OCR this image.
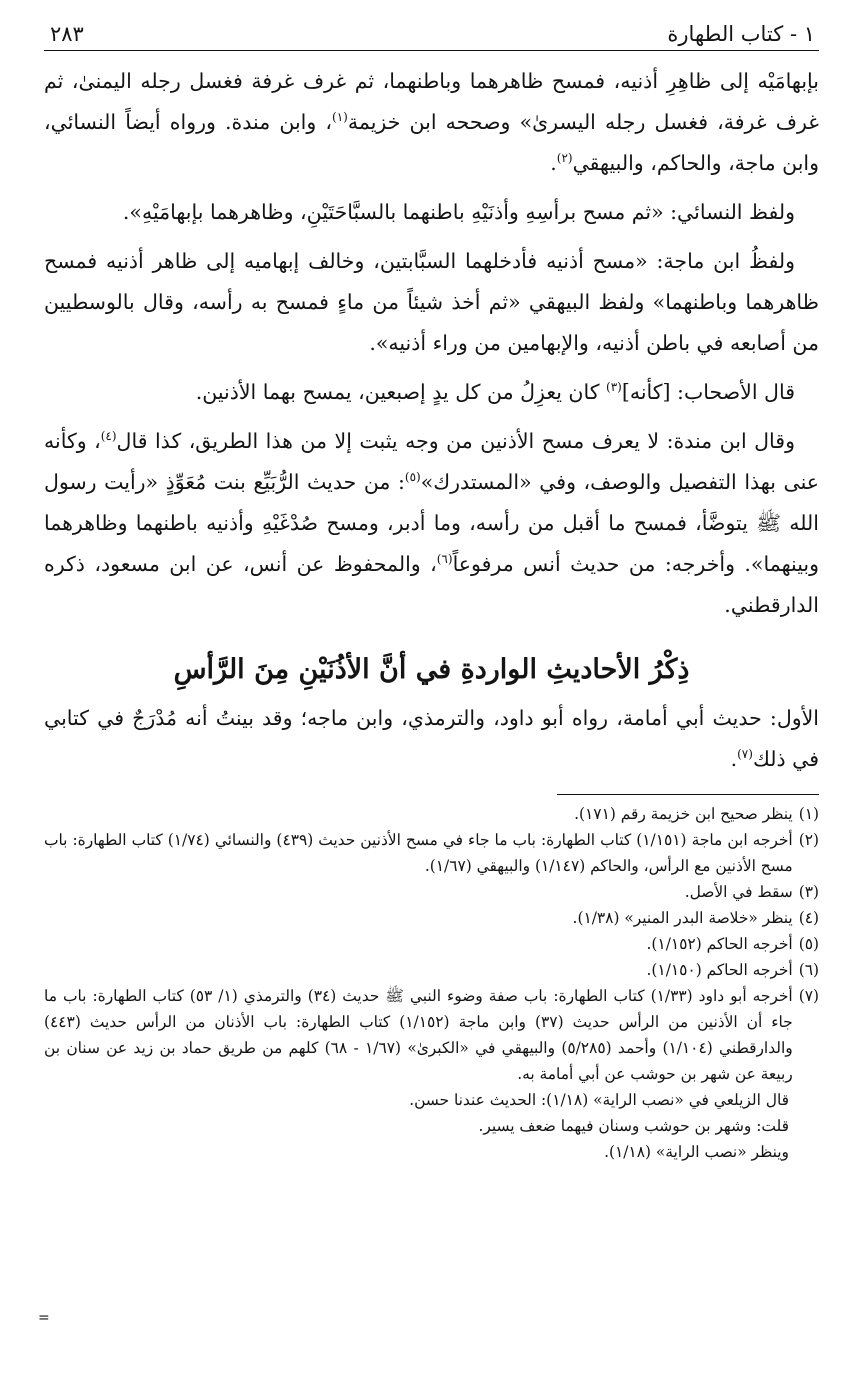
١ - كتاب الطهارة
٢٨٣

بإبهامَيْه إلى ظاهِرِ أذنيه، فمسح ظاهرهما وباطنهما، ثم غرف غرفة فغسل رجله اليمنىٰ، ثم غرف غرفة، فغسل رجله اليسرىٰ» وصححه ابن خزيمة$^{(١)}$، وابن مندة. ورواه أيضاً النسائي، وابن ماجة، والحاكم، والبيهقي$^{(٢)}$.

ولفظ النسائي: «ثم مسح برأسِهِ وأذنَيْهِ باطنهما بالسبَّاحَتَيْنِ، وظاهرهما بإبهامَيْهِ».

ولفظُ ابن ماجة: «مسح أذنيه فأدخلهما السبَّابتين، وخالف إبهاميه إلى ظاهر أذنيه فمسح ظاهرهما وباطنهما» ولفظ البيهقي «ثم أخذ شيئاً من ماءٍ فمسح به رأسه، وقال بالوسطيين من أصابعه في باطن أذنيه، والإبهامين من وراء أذنيه».

قال الأصحاب: [كأنه]$^{(٣)}$ كان يعزِلُ من كل يدٍ إصبعين، يمسح بهما الأذنين.

وقال ابن مندة: لا يعرف مسح الأذنين من وجه يثبت إلا من هذا الطريق، كذا قال$^{(٤)}$، وكأنه عنى بهذا التفصيل والوصف، وفي «المستدرك»$^{(٥)}$: من حديث الرُّبَيِّع بنت مُعَوِّذٍ «رأيت رسول الله ﷺ يتوضَّأ، فمسح ما أقبل من رأسه، وما أدبر، ومسح صُدْغَيْهِ وأذنيه باطنهما وظاهرهما وبينهما». وأخرجه: من حديث أنس مرفوعاً$^{(٦)}$، والمحفوظ عن أنس، عن ابن مسعود، ذكره الدارقطني.

ذِكْرُ الأحاديثِ الواردةِ في أنَّ الأذُنَيْنِ مِنَ الرَّأسِ

الأول: حديث أبي أمامة، رواه أبو داود، والترمذي، وابن ماجه؛ وقد بينتُ أنه مُدْرَجٌ في كتابي في ذلك$^{(٧)}$.

(١)
ينظر صحيح ابن خزيمة رقم (١٧١).
(٢)
أخرجه ابن ماجة (١/١٥١) كتاب الطهارة: باب ما جاء في مسح الأذنين حديث (٤٣٩) والنسائي (١/٧٤) كتاب الطهارة: باب مسح الأذنين مع الرأس، والحاكم (١/١٤٧) والبيهقي (١/٦٧).
(٣)
سقط في الأصل.
(٤)
ينظر «خلاصة البدر المنير» (١/٣٨).
(٥)
أخرجه الحاكم (١/١٥٢).
(٦)
أخرجه الحاكم (١/١٥٠).
(٧)
أخرجه أبو داود (١/٣٣) كتاب الطهارة: باب صفة وضوء النبي ﷺ حديث (٣٤) والترمذي (١/ ٥٣) كتاب الطهارة: باب ما جاء أن الأذنين من الرأس حديث (٣٧) وابن ماجة (١/١٥٢) كتاب الطهارة: باب الأذنان من الرأس حديث (٤٤٣) والدارقطني (١/١٠٤) وأحمد (٥/٢٨٥) والبيهقي في «الكبرىٰ» (١/٦٧ - ٦٨) كلهم من طريق حماد بن زيد عن سنان بن ربيعة عن شهر بن حوشب عن أبي أمامة به.
قال الزيلعي في «نصب الراية» (١/١٨): الحديث عندنا حسن.
قلت: وشهر بن حوشب وسنان فيهما ضعف يسير.
وينظر «نصب الراية» (١/١٨).
=
